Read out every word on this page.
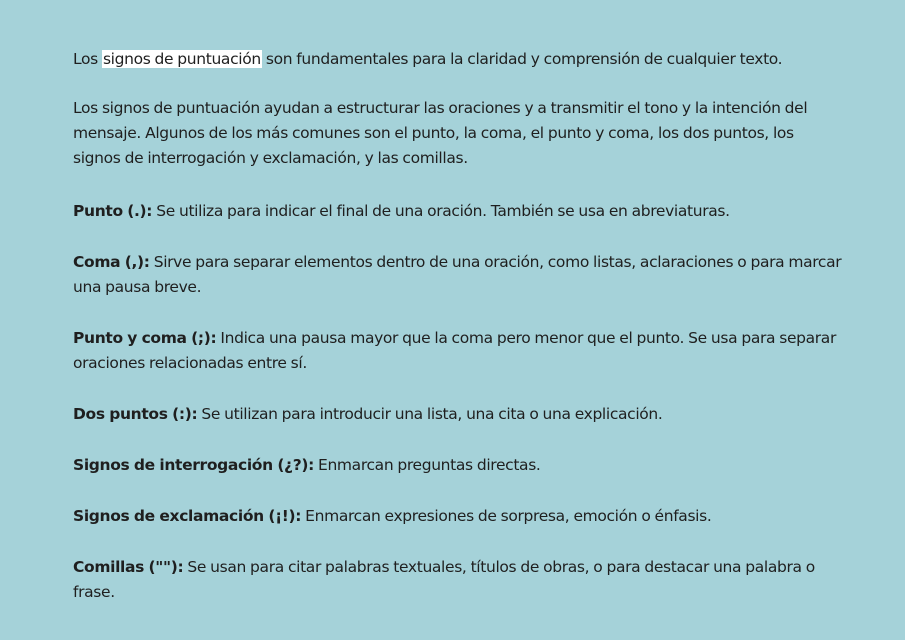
Los signos de puntuación son fundamentales para la claridad y comprensión de cualquier texto.

Los signos de puntuación ayudan a estructurar las oraciones y a transmitir el tono y la intención del mensaje. Algunos de los más comunes son el punto, la coma, el punto y coma, los dos puntos, los signos de interrogación y exclamación, y las comillas.

Punto (.): Se utiliza para indicar el final de una oración. También se usa en abreviaturas.

Coma (,): Sirve para separar elementos dentro de una oración, como listas, aclaraciones o para marcar una pausa breve.

Punto y coma (;): Indica una pausa mayor que la coma pero menor que el punto. Se usa para separar oraciones relacionadas entre sí.

Dos puntos (:): Se utilizan para introducir una lista, una cita o una explicación.

Signos de interrogación (¿?): Enmarcan preguntas directas.

Signos de exclamación (¡!): Enmarcan expresiones de sorpresa, emoción o énfasis.

Comillas (""): Se usan para citar palabras textuales, títulos de obras, o para destacar una palabra o frase.
